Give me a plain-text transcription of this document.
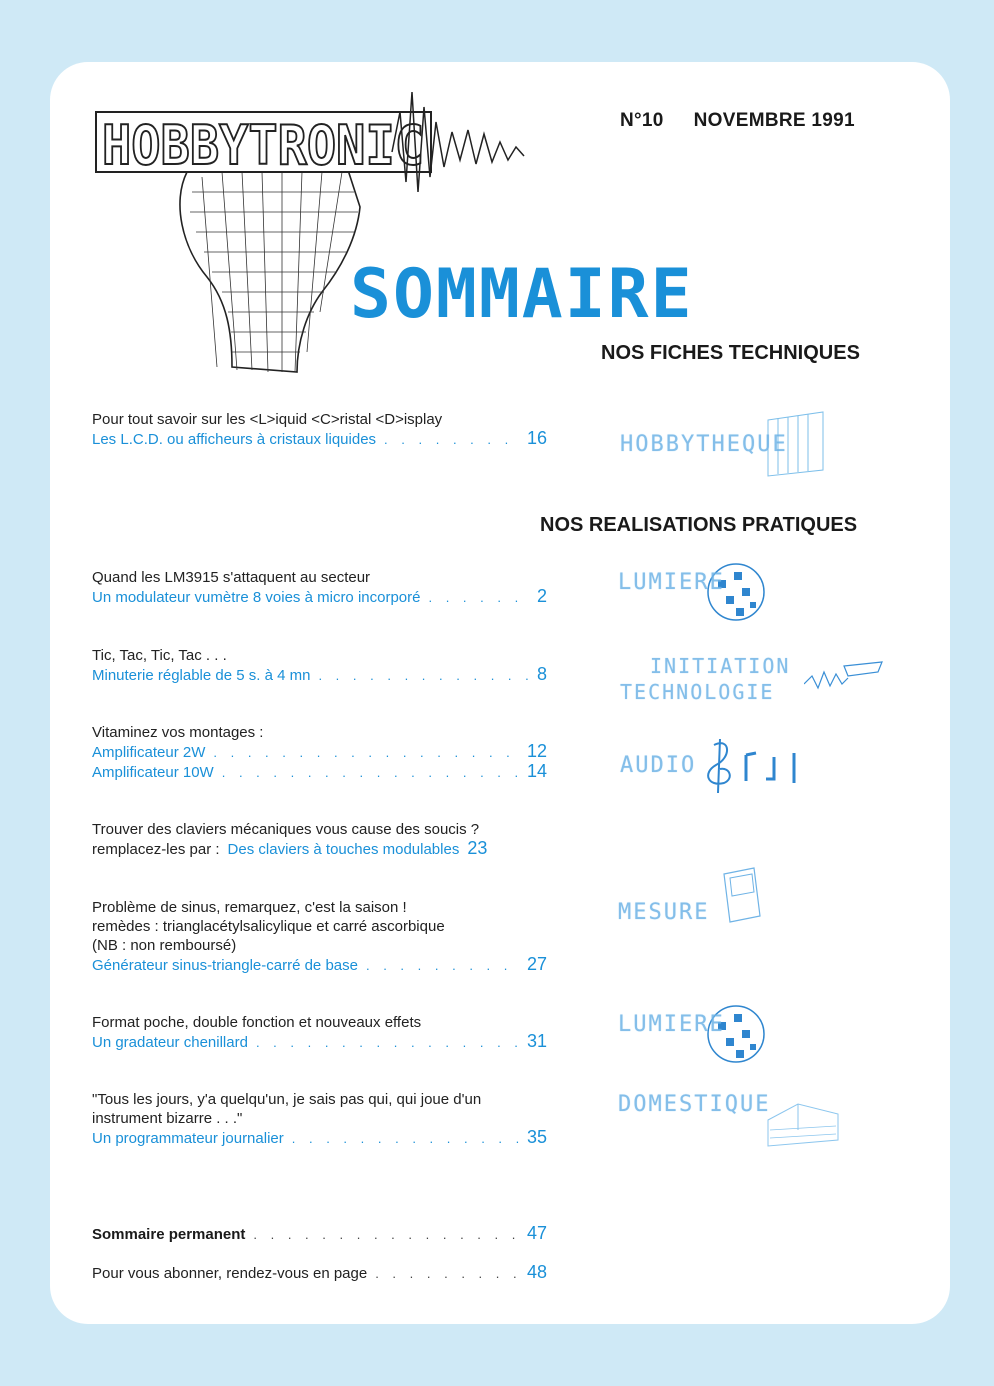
HOBBYTRONIC	N°10 NOVEMBRE 1991
SOMMAIRE
NOS FICHES TECHNIQUES
NOS REALISATIONS PRATIQUES
Pour tout savoir sur les <L>iquid <C>ristal <D>isplay
Les L.C.D. ou afficheurs à cristaux liquides . . .	16
Quand les LM3915 s'attaquent au secteur
Un modulateur vumètre 8 voies à micro incorporé . . .	2
Tic, Tac, Tic, Tac . . .
Minuterie réglable de 5 s. à 4 mn . . .	8
Vitaminez vos montages :
Amplificateur 2W . . .	12
Amplificateur 10W . . .	14
Trouver des claviers mécaniques vous cause des soucis ?
remplacez-les par : Des claviers à touches modulables 23
Problème de sinus, remarquez, c'est la saison !
remèdes : trianglacétylsalicylique et carré ascorbique
(NB : non remboursé)
Générateur sinus-triangle-carré de base . . .	27
Format poche, double fonction et nouveaux effets
Un gradateur chenillard . . .	31
"Tous les jours, y'a quelqu'un, je sais pas qui, qui joue d'un
instrument bizarre . . ."
Un programmateur journalier . . .	35
Sommaire permanent . . .	47
Pour vous abonner, rendez-vous en page . . .	48
HOBBYTHEQUE
LUMIERE
INITIATION
TECHNOLOGIE
AUDIO
MESURE
LUMIERE
DOMESTIQUE
